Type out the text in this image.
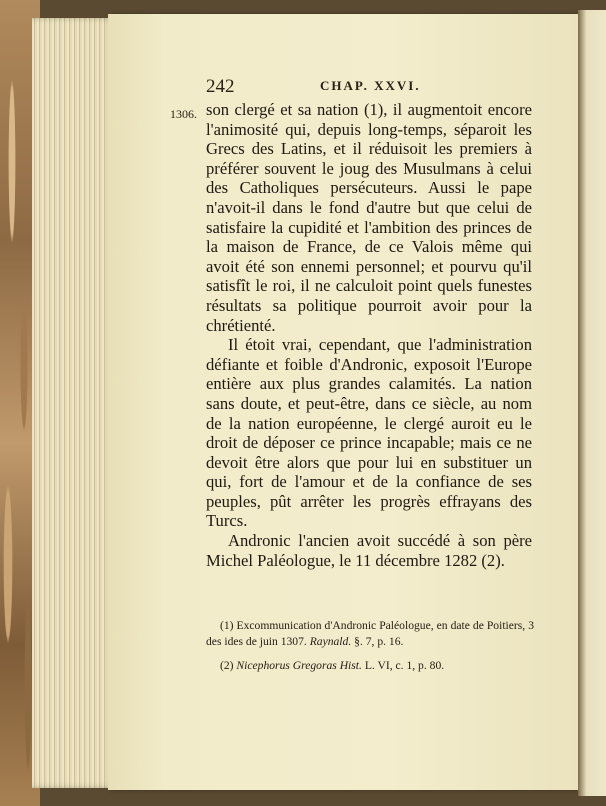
242	CHAP. XXVI.
1306. son clergé et sa nation (1), il augmentoit encore l'animosité qui, depuis long-temps, séparoit les Grecs des Latins, et il réduisoit les premiers à préférer souvent le joug des Musulmans à celui des Catholiques persécuteurs. Aussi le pape n'avoit-il dans le fond d'autre but que celui de satisfaire la cupidité et l'ambition des princes de la maison de France, de ce Valois même qui avoit été son ennemi personnel; et pourvu qu'il satisfît le roi, il ne calculoit point quels funestes résultats sa politique pourroit avoir pour la chrétienté.

Il étoit vrai, cependant, que l'administration défiante et foible d'Andronic, exposoit l'Europe entière aux plus grandes calamités. La nation sans doute, et peut-être, dans ce siècle, au nom de la nation européenne, le clergé auroit eu le droit de déposer ce prince incapable; mais ce ne devoit être alors que pour lui en substituer un qui, fort de l'amour et de la confiance de ses peuples, pût arrêter les progrès effrayans des Turcs.

Andronic l'ancien avoit succédé à son père Michel Paléologue, le 11 décembre 1282 (2).

(1) Excommunication d'Andronic Paléologue, en date de Poitiers, 3 des ides de juin 1307. Raynald. §. 7, p. 16.

(2) Nicephorus Gregoras Hist. L. VI, c. 1, p. 80.
